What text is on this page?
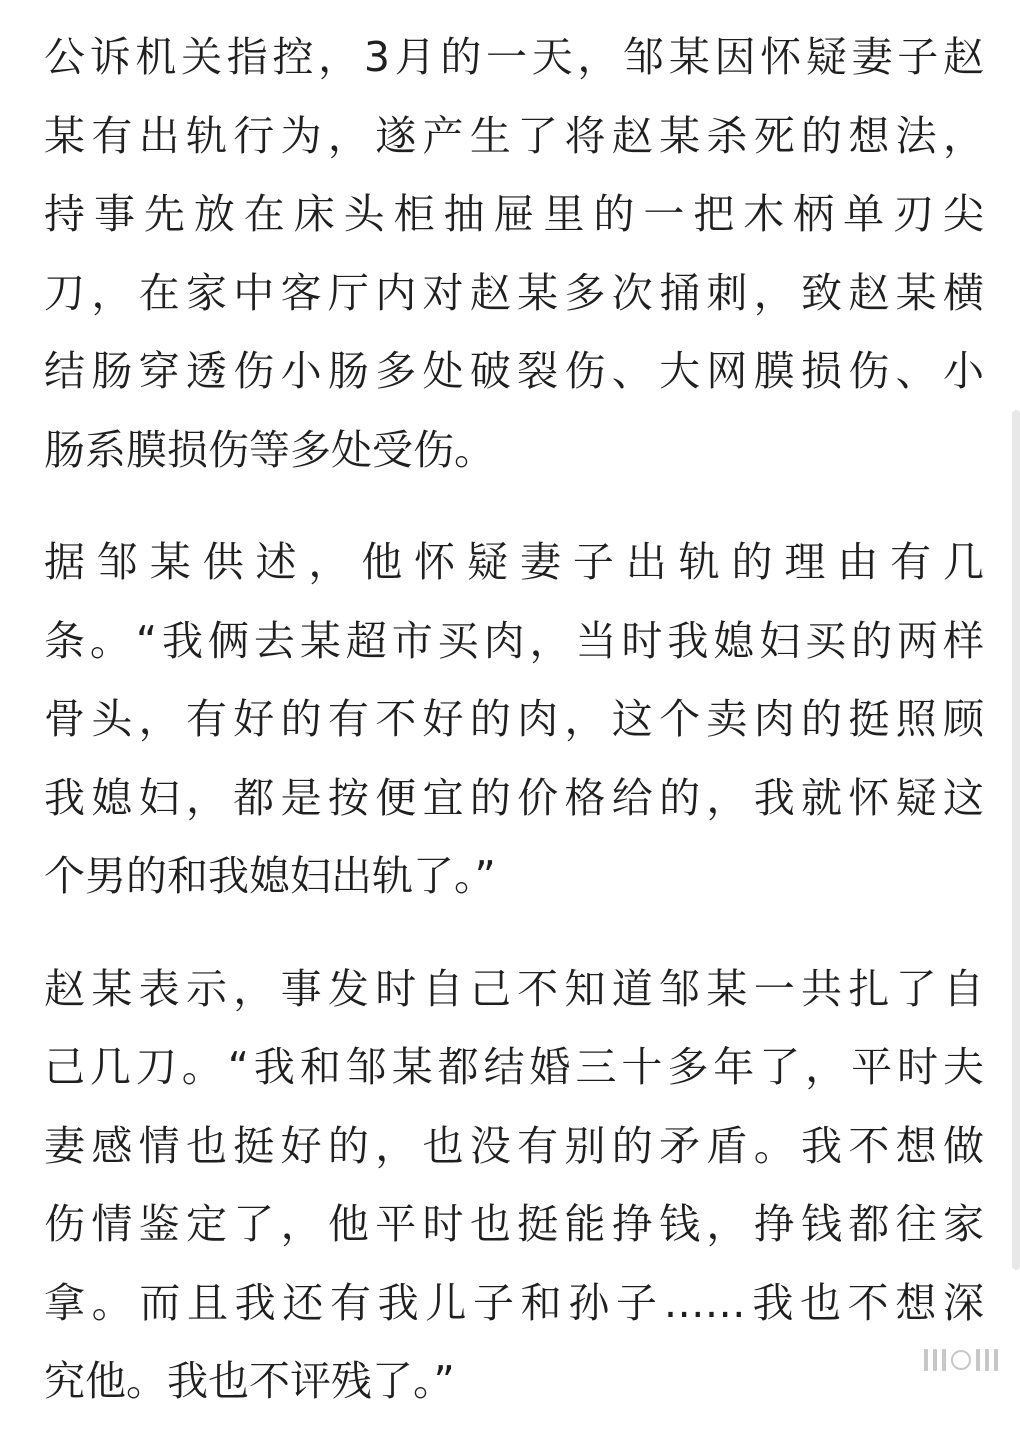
公诉机关指控，3月的一天，邹某因怀疑妻子赵
某有出轨行为，遂产生了将赵某杀死的想法，
持事先放在床头柜抽屉里的一把木柄单刃尖
刀，在家中客厅内对赵某多次捅刺，致赵某横
结肠穿透伤小肠多处破裂伤、大网膜损伤、小
肠系膜损伤等多处受伤。
据邹某供述，他怀疑妻子出轨的理由有几
条。“我俩去某超市买肉，当时我媳妇买的两样
骨头，有好的有不好的肉，这个卖肉的挺照顾
我媳妇，都是按便宜的价格给的，我就怀疑这
个男的和我媳妇出轨了。”
赵某表示，事发时自己不知道邹某一共扎了自
己几刀。“我和邹某都结婚三十多年了，平时夫
妻感情也挺好的，也没有别的矛盾。我不想做
伤情鉴定了，他平时也挺能挣钱，挣钱都往家
拿。而且我还有我儿子和孙子……我也不想深
究他。我也不评残了。”
